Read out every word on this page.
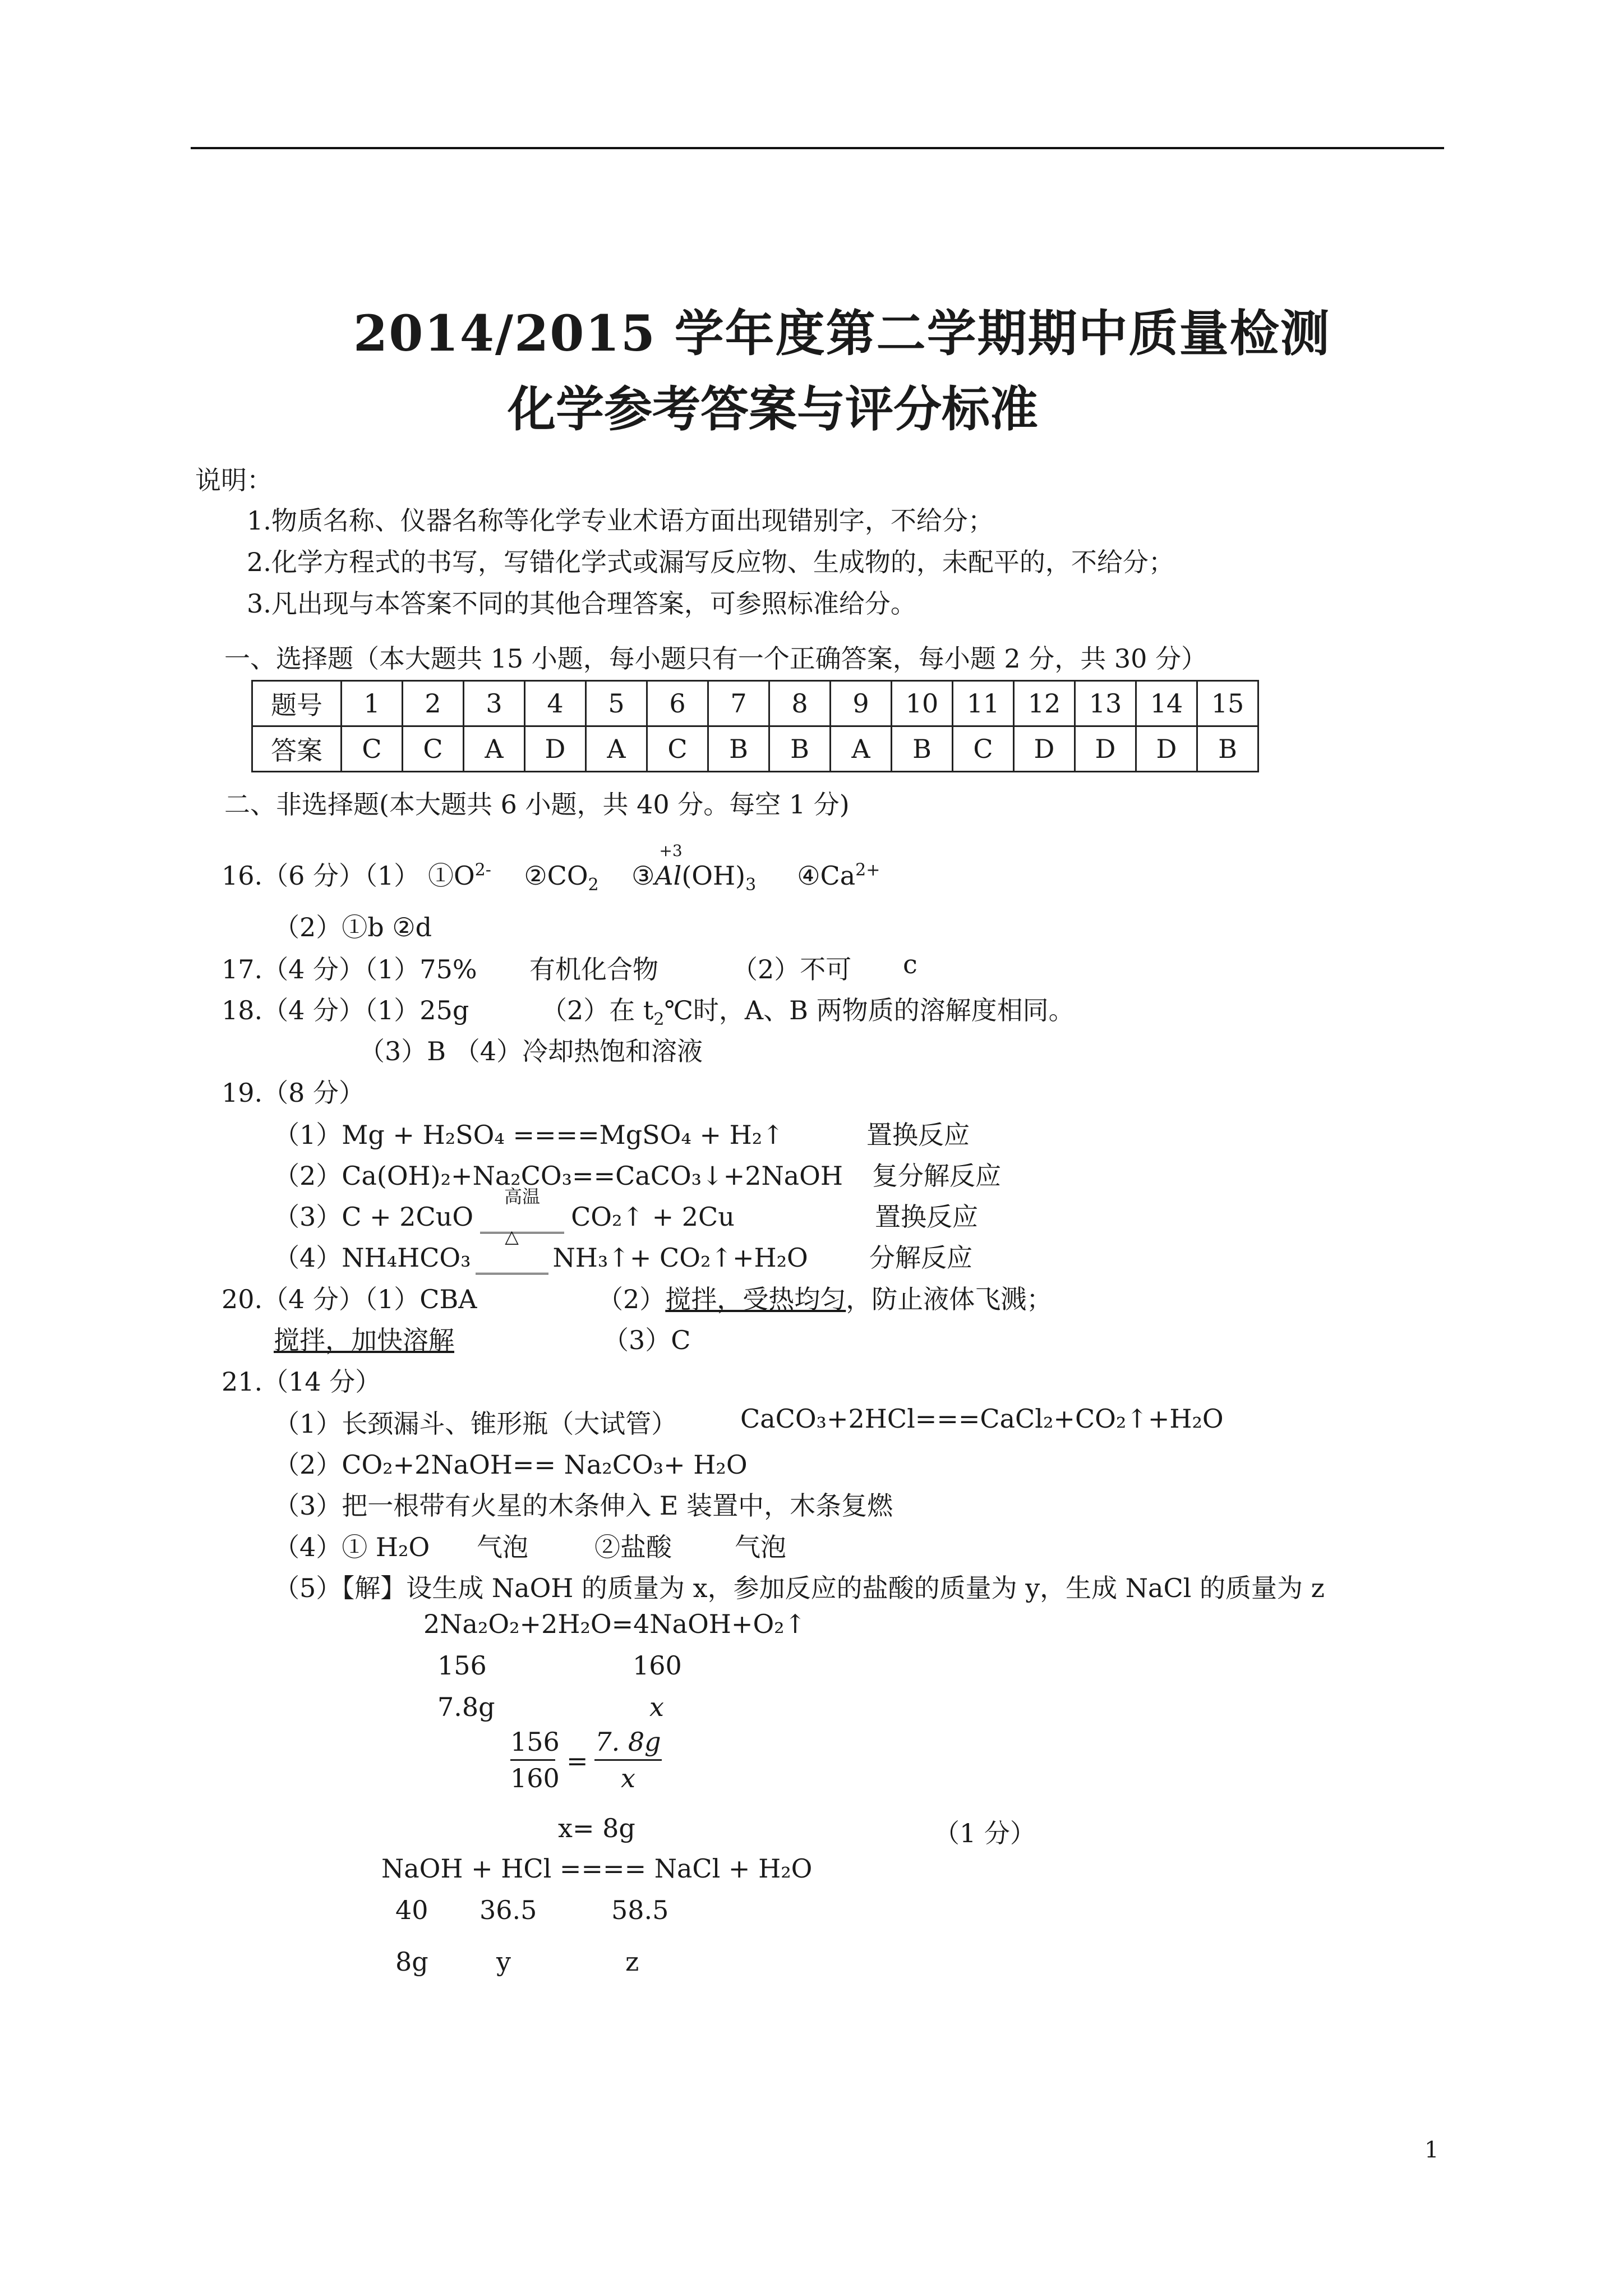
2014/2015 学年度第二学期期中质量检测
化学参考答案与评分标准
说明：
1.物质名称、仪器名称等化学专业术语方面出现错别字，不给分；
2.化学方程式的书写，写错化学式或漏写反应物、生成物的，未配平的，不给分；
3.凡出现与本答案不同的其他合理答案，可参照标准给分。
一、选择题（本大题共 15 小题，每小题只有一个正确答案，每小题 2 分，共 30 分）
题号	1	2	3	4	5	6	7	8	9	10	11	12	13	14	15
答案	C	C	A	D	A	C	B	B	A	B	C	D	D	D	B
二、非选择题(本大题共 6 小题，共 40 分。每空 1 分)
16.（6 分）（1） $①O^{2-}$ $②CO_2$ ③
+3
$Al(OH)_3$ $④Ca^{2+}$
（2）①b ②d
17.（4 分）（1）75% 有机化合物	（2）不可 c
18.（4 分）（1）25g	（2）在 $t_2℃$时，A、B 两物质的溶解度相同。
（3）B （4）冷却热饱和溶液
19.（8 分）
（1）Mg + H₂SO₄ ====MgSO₄ + H₂↑	置换反应
（2）Ca(OH)₂+Na₂CO₃==CaCO₃↓+2NaOH 复分解反应
（3）C + 2CuO
高温
CO₂↑ + 2Cu	置换反应
（4）NH₄HCO₃
△
NH₃↑+ CO₂↑+H₂O 分解反应
20.（4 分）（1）CBA	（2）搅拌，受热均匀，防止液体飞溅；
搅拌，加快溶解	（3）C
21.（14 分）
（1）长颈漏斗、锥形瓶（大试管） CaCO₃+2HCl===CaCl₂+CO₂↑+H₂O
（2）CO₂+2NaOH== Na₂CO₃+ H₂O
（3）把一根带有火星的木条伸入 E 装置中，木条复燃
（4）① H₂O 气泡	②盐酸 气泡
（5）【解】设生成 NaOH 的质量为 x，参加反应的盐酸的质量为 y，生成 NaCl 的质量为 z
2Na₂O₂+2H₂O=4NaOH+O₂↑
156	160
7.8g	x
156
160
=
7. 8g
x
x= 8g	（1 分）
NaOH + HCl ==== NaCl + H₂O
40 36.5	58.5
8g	y	z
1
